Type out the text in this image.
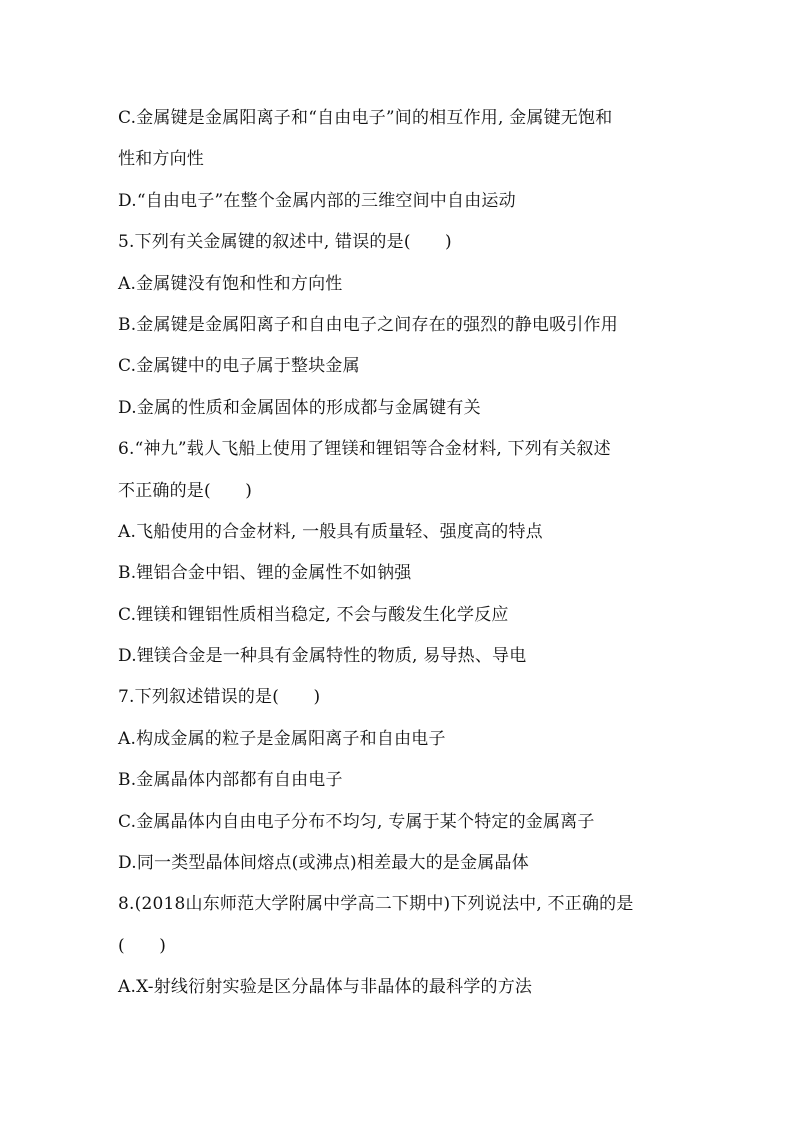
C.金属键是金属阳离子和“自由电子”间的相互作用, 金属键无饱和
性和方向性
D.“自由电子”在整个金属内部的三维空间中自由运动
5.下列有关金属键的叙述中, 错误的是(　　)
A.金属键没有饱和性和方向性
B.金属键是金属阳离子和自由电子之间存在的强烈的静电吸引作用
C.金属键中的电子属于整块金属
D.金属的性质和金属固体的形成都与金属键有关
6.“神九”载人飞船上使用了锂镁和锂铝等合金材料, 下列有关叙述
不正确的是(　　)
A.飞船使用的合金材料, 一般具有质量轻、强度高的特点
B.锂铝合金中铝、锂的金属性不如钠强
C.锂镁和锂铝性质相当稳定, 不会与酸发生化学反应
D.锂镁合金是一种具有金属特性的物质, 易导热、导电
7.下列叙述错误的是(　　)
A.构成金属的粒子是金属阳离子和自由电子
B.金属晶体内部都有自由电子
C.金属晶体内自由电子分布不均匀, 专属于某个特定的金属离子
D.同一类型晶体间熔点(或沸点)相差最大的是金属晶体
8.(2018山东师范大学附属中学高二下期中)下列说法中, 不正确的是
(　　)
A.X-射线衍射实验是区分晶体与非晶体的最科学的方法
